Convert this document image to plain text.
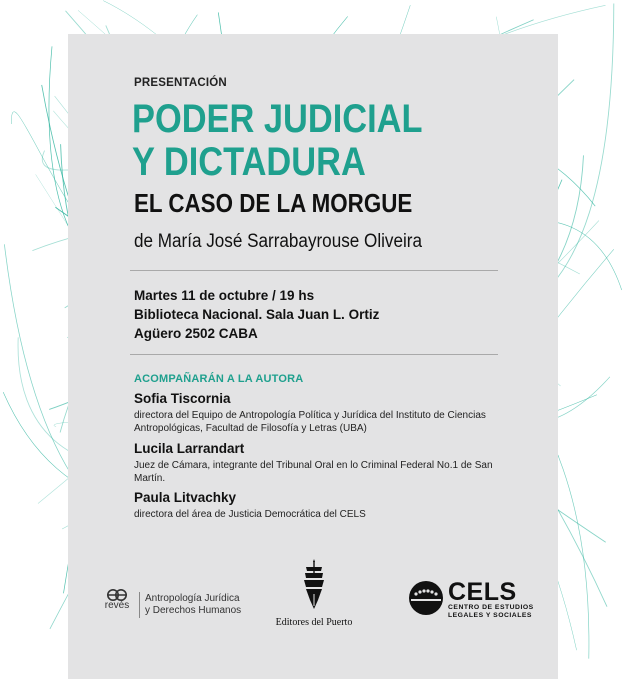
PRESENTACIÓN
PODER JUDICIAL
Y DICTADURA
EL CASO DE LA MORGUE
de María José Sarrabayrouse Oliveira
Martes 11 de octubre / 19 hs
Biblioteca Nacional. Sala Juan L. Ortiz
Agüero 2502 CABA
ACOMPAÑARÁN A LA AUTORA
Sofia Tiscornia
directora del Equipo de Antropología Política y Jurídica del Instituto de Ciencias Antropológicas, Facultad de Filosofía y Letras (UBA)
Lucila Larrandart
Juez de Cámara, integrante del Tribunal Oral en lo Criminal Federal No.1 de San Martín.
Paula Litvachky
directora del área de Justicia Democrática del CELS
revés
Antropología Jurídica
y Derechos Humanos
Editores del Puerto
CELS
CENTRO DE ESTUDIOS
LEGALES Y SOCIALES
